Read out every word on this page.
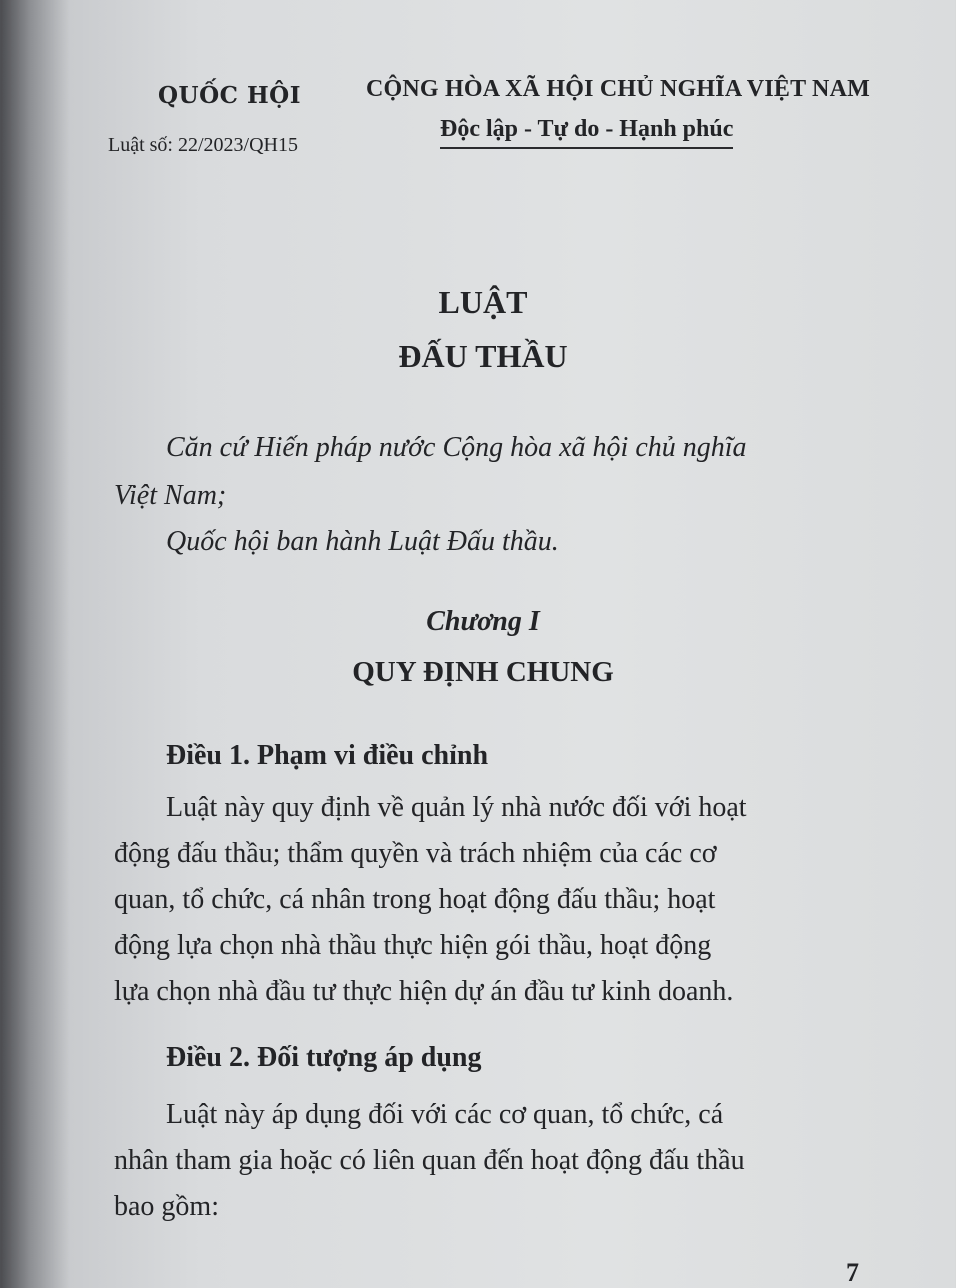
QUỐC HỘI
Luật số: 22/2023/QH15
CỘNG HÒA XÃ HỘI CHỦ NGHĨA VIỆT NAM
Độc lập - Tự do - Hạnh phúc
LUẬT
ĐẤU THẦU
Căn cứ Hiến pháp nước Cộng hòa xã hội chủ nghĩa
Việt Nam;
Quốc hội ban hành Luật Đấu thầu.
Chương I
QUY ĐỊNH CHUNG
Điều 1. Phạm vi điều chỉnh
Luật này quy định về quản lý nhà nước đối với hoạt
động đấu thầu; thẩm quyền và trách nhiệm của các cơ
quan, tổ chức, cá nhân trong hoạt động đấu thầu; hoạt
động lựa chọn nhà thầu thực hiện gói thầu, hoạt động
lựa chọn nhà đầu tư thực hiện dự án đầu tư kinh doanh.
Điều 2. Đối tượng áp dụng
Luật này áp dụng đối với các cơ quan, tổ chức, cá
nhân tham gia hoặc có liên quan đến hoạt động đấu thầu
bao gồm:
7
